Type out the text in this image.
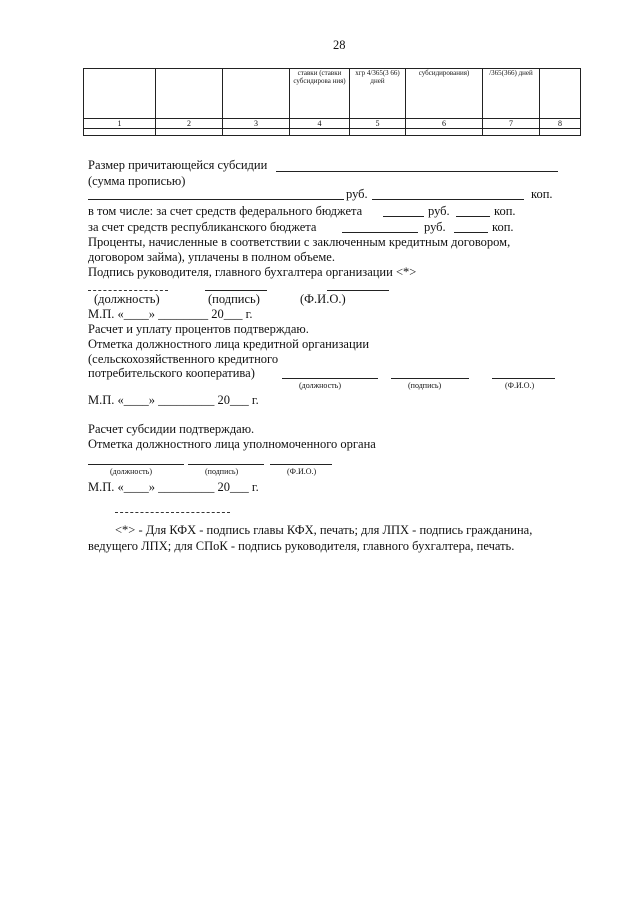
28

			ставки (ставки субсидирова ния)	хгр 4/365(3 66) дней	субсидирования)	/365(366) дней	

1	2	3	4	5	6	7	8

Размер причитающейся субсидии
(сумма прописью)
руб.	коп.
в том числе: за счет средств федерального бюджета	руб.	коп.
за счет средств республиканского бюджета	руб.	коп.
Проценты, начисленные в соответствии с заключенным кредитным договором,
договором займа), уплачены в полном объеме.
Подпись руководителя, главного бухгалтера организации <*>
(должность)	(подпись)	(Ф.И.О.)
М.П. «____» ________ 20___ г.
Расчет и уплату процентов подтверждаю.
Отметка должностного лица кредитной организации
(сельскохозяйственного кредитного
потребительского кооператива)
(должность)	(подпись)	(Ф.И.О.)
М.П. «____» _________ 20___ г.
Расчет субсидии подтверждаю.
Отметка должностного лица уполномоченного органа
(должность)	(подпись)	(Ф.И.О.)
М.П. «____» _________ 20___ г.
<*> - Для КФХ - подпись главы КФХ, печать; для ЛПХ - подпись гражданина,
ведущего ЛПХ; для СПоК - подпись руководителя, главного бухгалтера, печать.
